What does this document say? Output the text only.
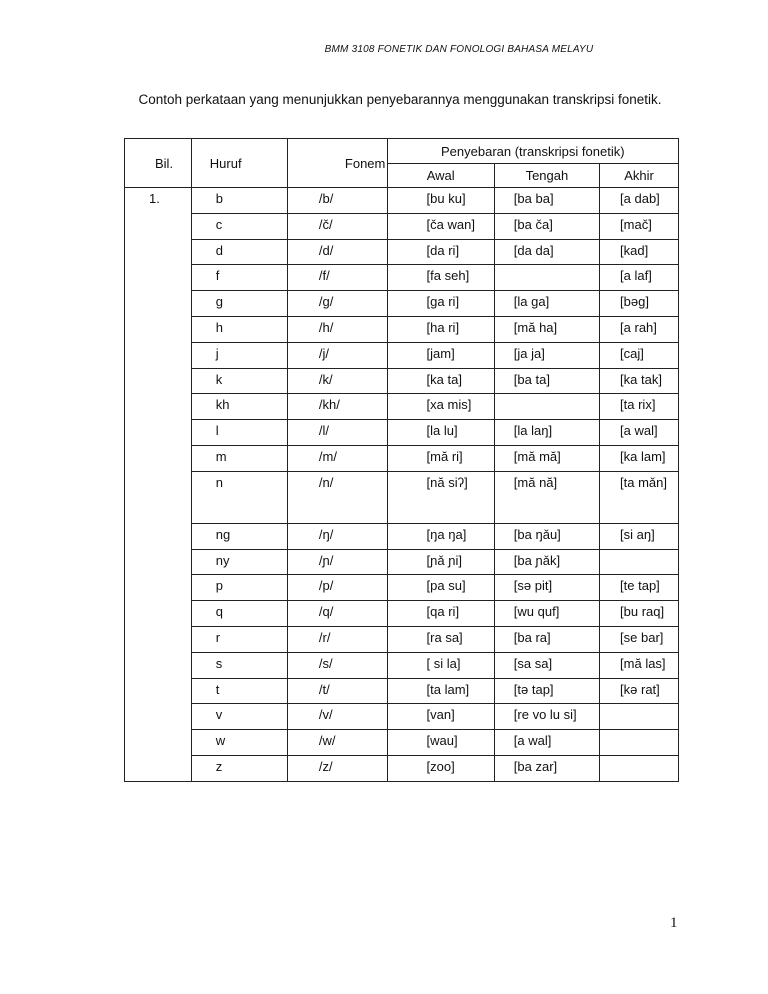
BMM 3108 FONETIK DAN FONOLOGI BAHASA MELAYU
Contoh perkataan yang menunjukkan penyebarannya menggunakan transkripsi fonetik.
Bil.	Huruf	Fonem	Penyebaran (transkripsi fonetik)		
			Awal	Tengah	Akhir
1.	b	/b/	[bu ku]	[ba ba]	[a dab]
	c	/č/	[ča wan]	[ba ča]	[mač]
	d	/d/	[da ri]	[da da]	[kad]
	f	/f/	[fa seh]		[a laf]
	g	/g/	[ga ri]	[la ga]	[bəg]
	h	/h/	[ha ri]	[mă ha]	[a rah]
	j	/j/	[jam]	[ja ja]	[caj]
	k	/k/	[ka ta]	[ba ta]	[ka tak]
	kh	/kh/	[xa mis]		[ta rix]
	l	/l/	[la lu]	[la laŋ]	[a wal]
	m	/m/	[mă ri]	[mă mă]	[ka lam]
	n	/n/	[nă siʔ]	[mă nă]	[ta mǎn]
	ng	/ŋ/	[ŋa ŋa]	[ba ŋǎu]	[si aŋ]
	ny	/ɲ/	[ɲǎ ɲi]	[ba ɲǎk]	
	p	/p/	[pa su]	[sə pit]	[te tap]
	q	/q/	[qa ri]	[wu quf]	[bu raq]
	r	/r/	[ra sa]	[ba ra]	[se bar]
	s	/s/	[ si la]	[sa sa]	[mă las]
	t	/t/	[ta lam]	[tə tap]	[kə rat]
	v	/v/	[van]	[re vo lu si]	
	w	/w/	[wau]	[a wal]	
	z	/z/	[zoo]	[ba zar]	
1
